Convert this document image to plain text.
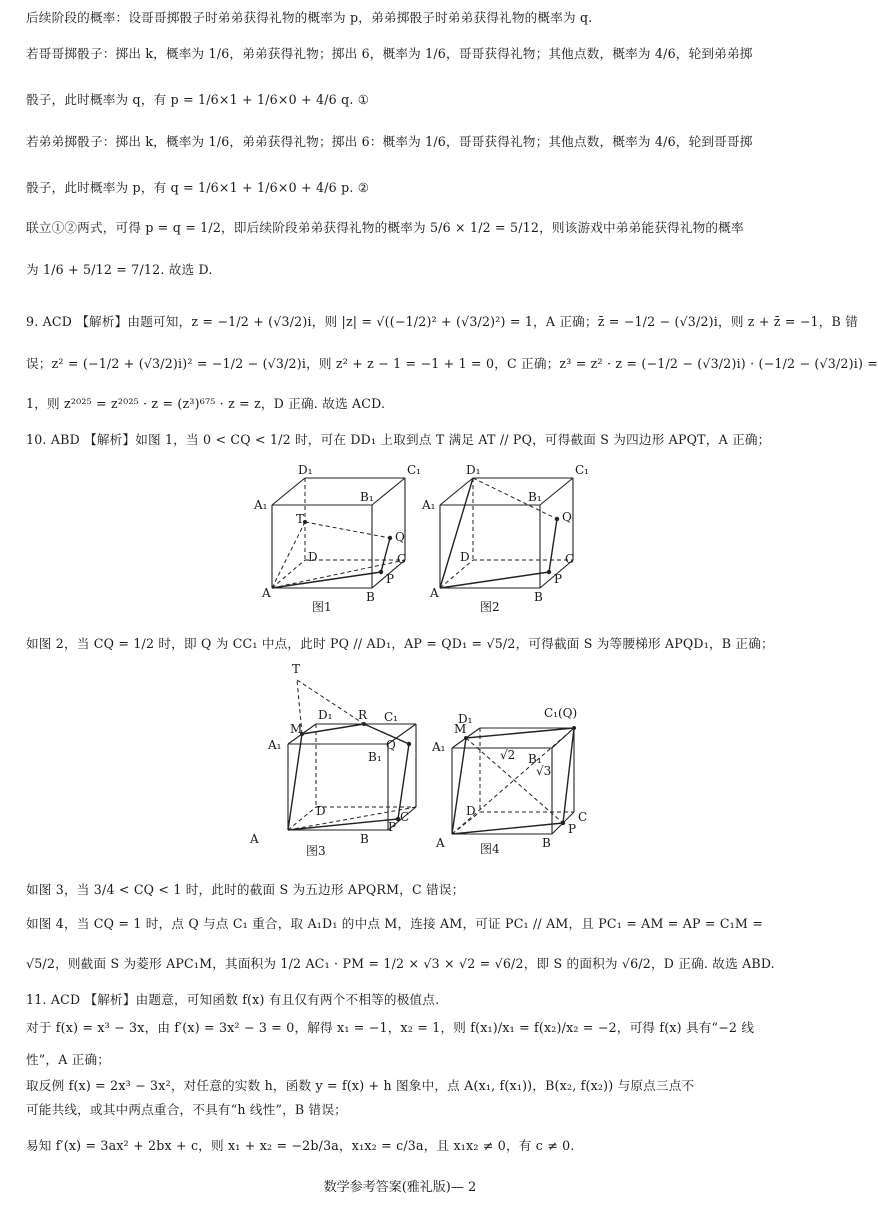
后续阶段的概率：设哥哥掷骰子时弟弟获得礼物的概率为 p，弟弟掷骰子时弟弟获得礼物的概率为 q.
若哥哥掷骰子：掷出 k，概率为 1/6，弟弟获得礼物；掷出 6，概率为 1/6，哥哥获得礼物；其他点数，概率为 4/6，轮到弟弟掷
骰子，此时概率为 q，有 p = 1/6×1 + 1/6×0 + 4/6 q. ①
若弟弟掷骰子：掷出 k，概率为 1/6，弟弟获得礼物；掷出 6：概率为 1/6，哥哥获得礼物；其他点数，概率为 4/6，轮到哥哥掷
骰子，此时概率为 p，有 q = 1/6×1 + 1/6×0 + 4/6 p. ②
联立①②两式，可得 p = q = 1/2，即后续阶段弟弟获得礼物的概率为 5/6 × 1/2 = 5/12，则该游戏中弟弟能获得礼物的概率
为 1/6 + 5/12 = 7/12. 故选 D.
9. ACD 【解析】由题可知，z = −1/2 + (√3/2)i，则 |z| = √((−1/2)² + (√3/2)²) = 1，A 正确；z̄ = −1/2 − (√3/2)i，则 z + z̄ = −1，B 错
误；z² = (−1/2 + (√3/2)i)² = −1/2 − (√3/2)i，则 z² + z − 1 = −1 + 1 = 0，C 正确；z³ = z² · z = (−1/2 − (√3/2)i) · (−1/2 − (√3/2)i) =
1，则 z²⁰²⁵ = z²⁰²⁵ · z = (z³)⁶⁷⁵ · z = z，D 正确. 故选 ACD.
10. ABD 【解析】如图 1，当 0 < CQ < 1/2 时，可在 DD₁ 上取到点 T 满足 AT // PQ，可得截面 S 为四边形 APQT，A 正确；
A₁
D₁	C₁
B₁
T
Q
C
D
A	B
P
图1
A₁
D₁	C₁
B₁
Q
C
D
A	B
P
图2
如图 2，当 CQ = 1/2 时，即 Q 为 CC₁ 中点，此时 PQ // AD₁，AP = QD₁ = √5/2，可得截面 S 为等腰梯形 APQD₁，B 正确；
T
A₁
M
D₁ R C₁
B₁
Q
C
D
A	B
P
图3
A₁
M
D₁	C₁(Q)
B₁
√2
√3
C
D
A	B
P
图4
如图 3，当 3/4 < CQ < 1 时，此时的截面 S 为五边形 APQRM，C 错误；
如图 4，当 CQ = 1 时，点 Q 与点 C₁ 重合，取 A₁D₁ 的中点 M，连接 AM，可证 PC₁ // AM，且 PC₁ = AM = AP = C₁M =
√5/2，则截面 S 为菱形 APC₁M，其面积为 1/2 AC₁ · PM = 1/2 × √3 × √2 = √6/2，即 S 的面积为 √6/2，D 正确. 故选 ABD.
11. ACD 【解析】由题意，可知函数 f(x) 有且仅有两个不相等的极值点.
对于 f(x) = x³ − 3x，由 f′(x) = 3x² − 3 = 0，解得 x₁ = −1，x₂ = 1，则 f(x₁)/x₁ = f(x₂)/x₂ = −2，可得 f(x) 具有“−2 线
性”，A 正确；
取反例 f(x) = 2x³ − 3x²，对任意的实数 h，函数 y = f(x) + h 图象中，点 A(x₁, f(x₁))，B(x₂, f(x₂)) 与原点三点不
可能共线，或其中两点重合，不具有“h 线性”，B 错误；
易知 f′(x) = 3ax² + 2bx + c，则 x₁ + x₂ = −2b/3a，x₁x₂ = c/3a，且 x₁x₂ ≠ 0，有 c ≠ 0.
数学参考答案(雅礼版)— 2
